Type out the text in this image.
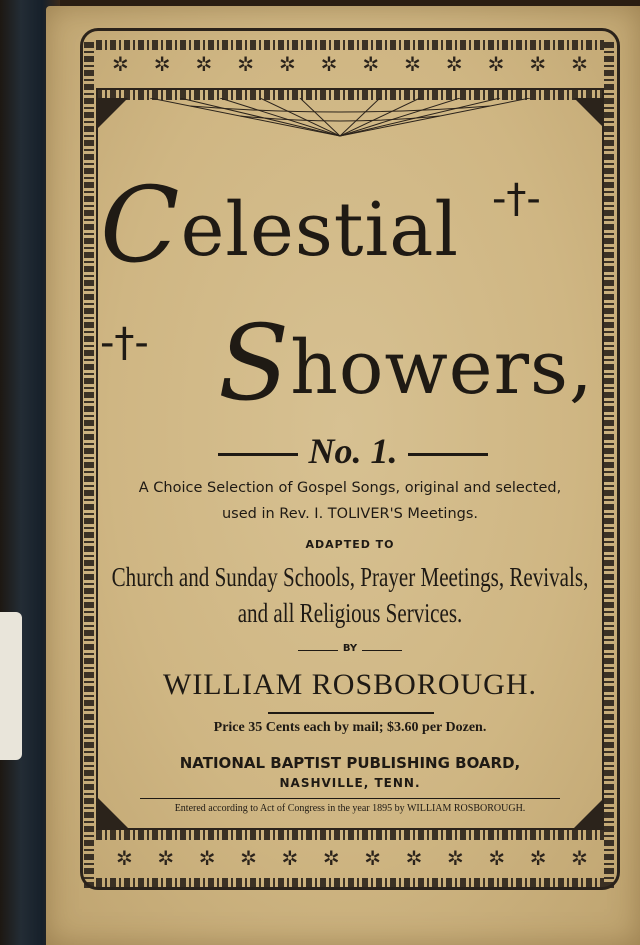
✲ ✲ ✲ ✲ ✲ ✲ ✲ ✲ ✲ ✲ ✲ ✲
✲ ✲ ✲ ✲ ✲ ✲ ✲ ✲ ✲ ✲ ✲ ✲
Celestial -†-
-†- Showers,
No. 1.
A Choice Selection of Gospel Songs, original and selected,
used in Rev. I. TOLIVER'S Meetings.
ADAPTED TO
Church and Sunday Schools, Prayer Meetings, Revivals,
and all Religious Services.
BY
WILLIAM ROSBOROUGH.
Price 35 Cents each by mail; $3.60 per Dozen.
NATIONAL BAPTIST PUBLISHING BOARD,
NASHVILLE, TENN.
Entered according to Act of Congress in the year 1895 by WILLIAM ROSBOROUGH.
